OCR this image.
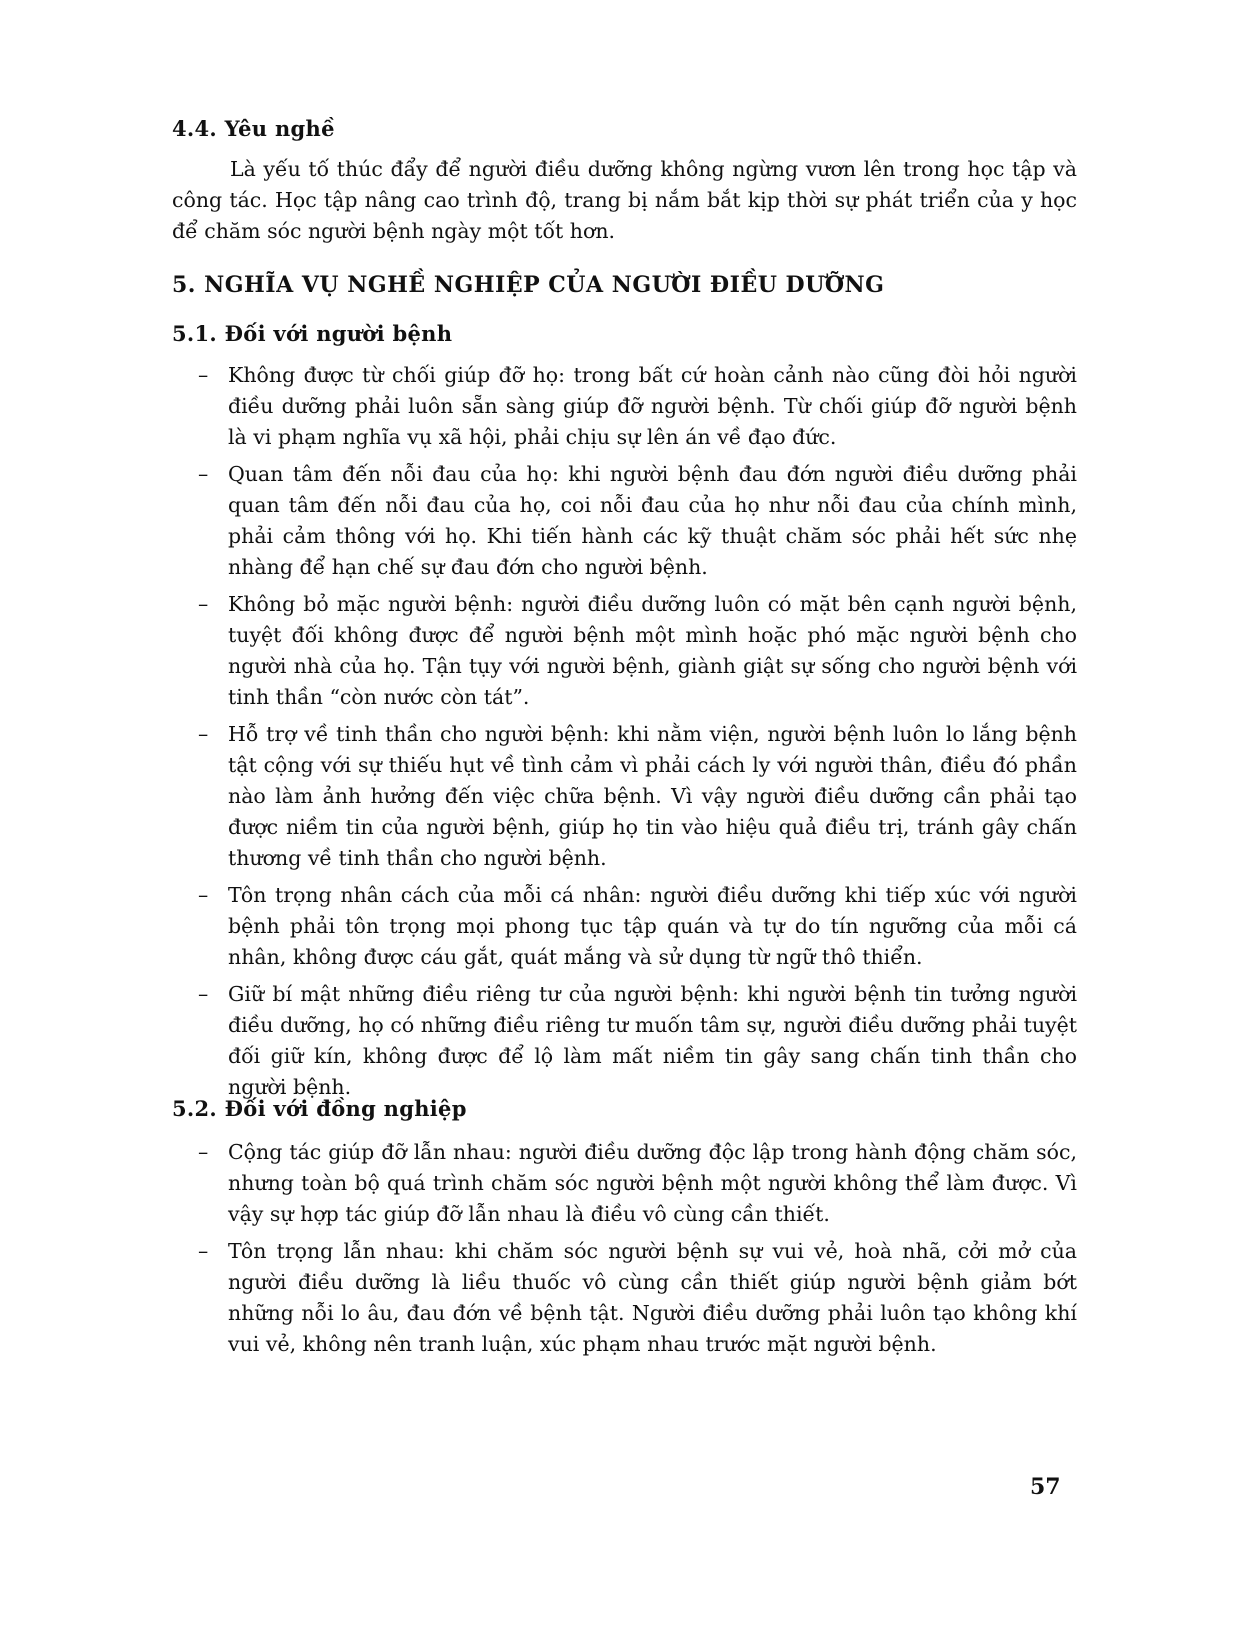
4.4. Yêu nghề

Là yếu tố thúc đẩy để người điều dưỡng không ngừng vươn lên trong học tập và công tác. Học tập nâng cao trình độ, trang bị nắm bắt kịp thời sự phát triển của y học để chăm sóc người bệnh ngày một tốt hơn.

5. NGHĨA VỤ NGHỀ NGHIỆP CỦA NGƯỜI ĐIỀU DƯỠNG

5.1. Đối với người bệnh

– Không được từ chối giúp đỡ họ: trong bất cứ hoàn cảnh nào cũng đòi hỏi người điều dưỡng phải luôn sẵn sàng giúp đỡ người bệnh. Từ chối giúp đỡ người bệnh là vi phạm nghĩa vụ xã hội, phải chịu sự lên án về đạo đức.
– Quan tâm đến nỗi đau của họ: khi người bệnh đau đớn người điều dưỡng phải quan tâm đến nỗi đau của họ, coi nỗi đau của họ như nỗi đau của chính mình, phải cảm thông với họ. Khi tiến hành các kỹ thuật chăm sóc phải hết sức nhẹ nhàng để hạn chế sự đau đớn cho người bệnh.
– Không bỏ mặc người bệnh: người điều dưỡng luôn có mặt bên cạnh người bệnh, tuyệt đối không được để người bệnh một mình hoặc phó mặc người bệnh cho người nhà của họ. Tận tụy với người bệnh, giành giật sự sống cho người bệnh với tinh thần “còn nước còn tát”.
– Hỗ trợ về tinh thần cho người bệnh: khi nằm viện, người bệnh luôn lo lắng bệnh tật cộng với sự thiếu hụt về tình cảm vì phải cách ly với người thân, điều đó phần nào làm ảnh hưởng đến việc chữa bệnh. Vì vậy người điều dưỡng cần phải tạo được niềm tin của người bệnh, giúp họ tin vào hiệu quả điều trị, tránh gây chấn thương về tinh thần cho người bệnh.
– Tôn trọng nhân cách của mỗi cá nhân: người điều dưỡng khi tiếp xúc với người bệnh phải tôn trọng mọi phong tục tập quán và tự do tín ngưỡng của mỗi cá nhân, không được cáu gắt, quát mắng và sử dụng từ ngữ thô thiển.
– Giữ bí mật những điều riêng tư của người bệnh: khi người bệnh tin tưởng người điều dưỡng, họ có những điều riêng tư muốn tâm sự, người điều dưỡng phải tuyệt đối giữ kín, không được để lộ làm mất niềm tin gây sang chấn tinh thần cho người bệnh.

5.2. Đối với đồng nghiệp

– Cộng tác giúp đỡ lẫn nhau: người điều dưỡng độc lập trong hành động chăm sóc, nhưng toàn bộ quá trình chăm sóc người bệnh một người không thể làm được. Vì vậy sự hợp tác giúp đỡ lẫn nhau là điều vô cùng cần thiết.
– Tôn trọng lẫn nhau: khi chăm sóc người bệnh sự vui vẻ, hoà nhã, cởi mở của người điều dưỡng là liều thuốc vô cùng cần thiết giúp người bệnh giảm bớt những nỗi lo âu, đau đớn về bệnh tật. Người điều dưỡng phải luôn tạo không khí vui vẻ, không nên tranh luận, xúc phạm nhau trước mặt người bệnh.
57
